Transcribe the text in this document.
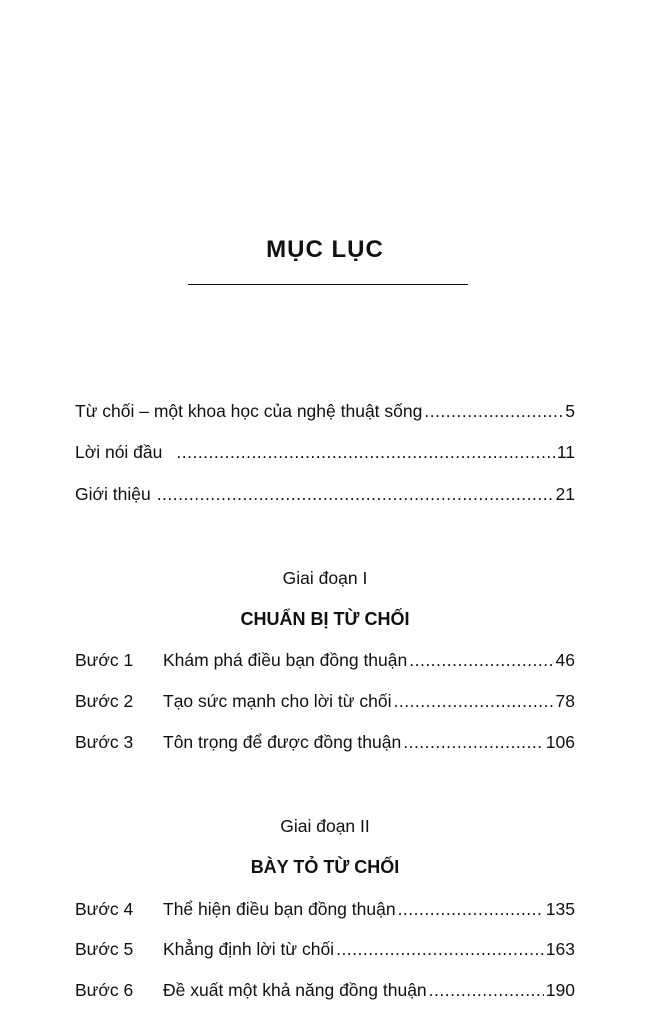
MỤC LỤC
Từ chối – một khoa học của nghệ thuật sống .....	5
Lời nói đầu .....	11
Giới thiệu .....	21
Giai đoạn I
CHUẨN BỊ TỪ CHỐI
Bước 1	Khám phá điều bạn đồng thuận .....	46
Bước 2	Tạo sức mạnh cho lời từ chối .....	78
Bước 3	Tôn trọng để được đồng thuận .....	106
Giai đoạn II
BÀY TỎ TỪ CHỐI
Bước 4	Thể hiện điều bạn đồng thuận .....	135
Bước 5	Khẳng định lời từ chối .....	163
Bước 6	Đề xuất một khả năng đồng thuận .....	190
